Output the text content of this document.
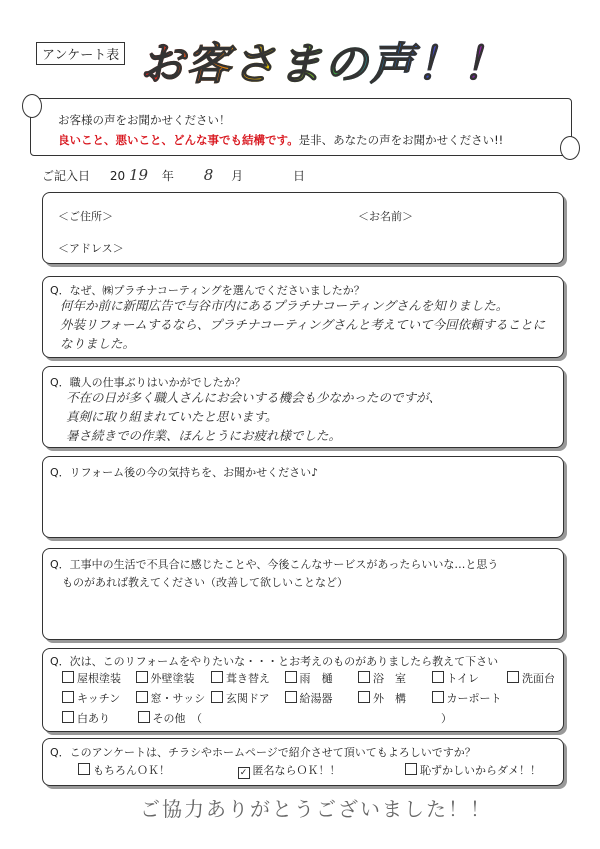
アンケート表 お客さまの声！！
お客様の声をお聞かせください！
良いこと、悪いこと、どんな事でも結構です。是非、あなたの声をお聞かせください!!
ご記入日 20 19 年 8 月	日
＜ご住所＞	＜お名前＞
＜アドレス＞
Q．なぜ、㈱プラチナコーティングを選んでくださいましたか？
何年か前に新聞広告で与谷市内にあるプラチナコーティングさんを知りました。
外装リフォームするなら、プラチナコーティングさんと考えていて今回依頼することに
なりました。
Q．職人の仕事ぶりはいかがでしたか？
不在の日が多く職人さんにお会いする機会も少なかったのですが、
真剣に取り組まれていたと思います。
暑さ続きでの作業、ほんとうにお疲れ様でした。
Q．リフォーム後の今の気持ちを、お聞かせください♪
Q．工事中の生活で不具合に感じたことや、今後こんなサービスがあったらいいな…と思う
ものがあれば教えてください（改善して欲しいことなど）
Q．次は、このリフォームをやりたいな・・・とお考えのものがありましたら教えて下さい
屋根塗装	外壁塗装	葺き替え	雨　樋	浴　室	トイレ	洗面台
キッチン	窓・サッシ 玄関ドア	給湯器	外　構	カーポート
白あり	その他　（	）
Q．このアンケートは、チラシやホームページで紹介させて頂いてもよろしいですか？
もちろんＯＫ！	✓ 匿名ならＯＫ！！	恥ずかしいからダメ！！
ご協力ありがとうございました！！
